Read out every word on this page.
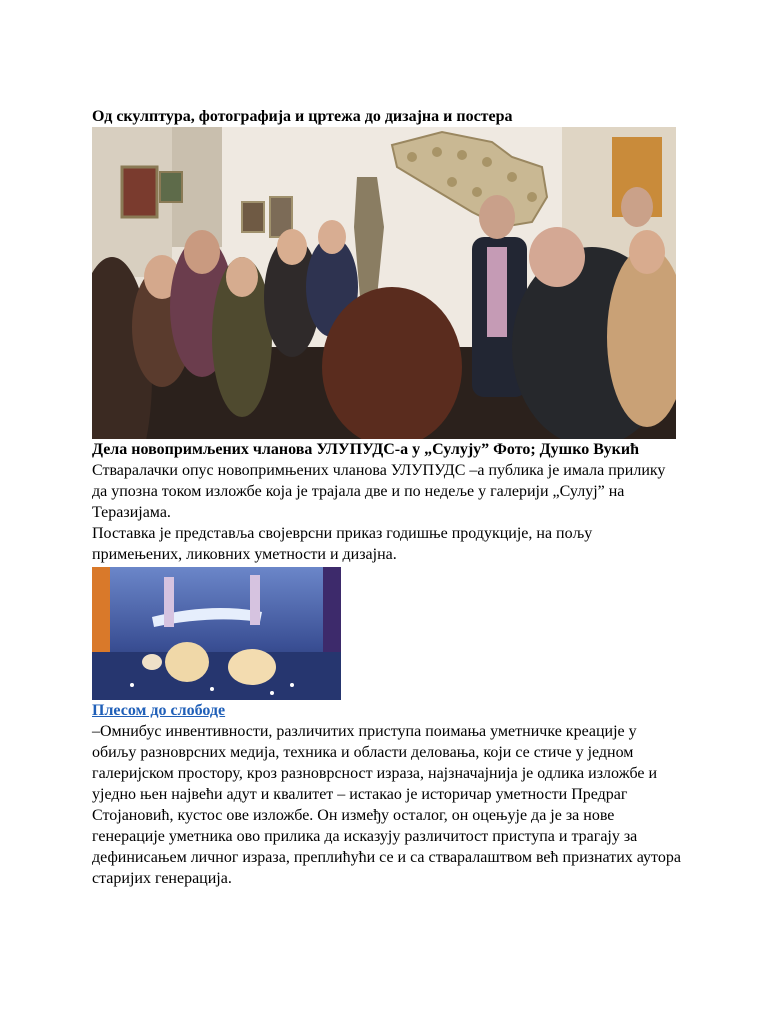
Од скулптура, фотографија и цртежа до дизајна и постера

Дела новопримљених чланова УЛУПУДС-а у „Сулују” Фото; Душко Вукић

Стваралачки опус новопримњених чланова УЛУПУДС –а публика је имала прилику да упозна током изложбе која је трајала две и по недеље у галерији „Сулуј” на Теразијама.

Поставка је представља својеврсни приказ годишње продукције, на пољу примењених, ликовних уметности и дизајна.

Плесом до слободе

–Омнибус инвентивности, различитих приступа поимања уметничке креације у обиљу разноврсних медија, техника и области деловања, који се стиче у једном галеријском простору, кроз разноврсност израза, најзначајнија је одлика изложбе и уједно њен највећи адут и квалитет – истакао је историчар уметности Предраг Стојановић, кустос ове изложбе. Он између осталог, он оцењује да је за нове генерације уметника ово прилика да исказују различитост приступа и трагају за дефинисањем личног израза, преплићући се и са стваралаштвом већ признатих аутора старијих генерација.
